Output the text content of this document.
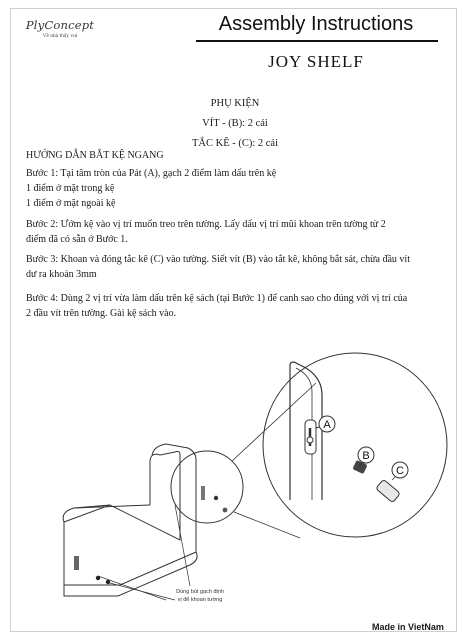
PlyConcept
Về nhà thấy vui
Assembly Instructions
JOY SHELF
PHỤ KIỆN
VÍT - (B): 2 cái
TẮC KÊ - (C): 2 cái
HƯỚNG DẪN BẮT KỆ NGANG
Bước 1: Tại tâm tròn của Pát (A), gạch 2 điểm làm dấu trên kệ
1 điểm ở mặt trong kệ
1 điểm ở mặt ngoài kệ
Bước 2: Ướm kệ vào vị trí muốn treo trên tường. Lấy dấu vị trí mũi khoan trên tường từ 2
điểm đã có sẵn ở Bước 1.
Bước 3: Khoan và đóng tắc kê (C) vào tường. Siết vít (B) vào tắt kê, không bắt sát, chừa đầu vít
dư ra khoản 3mm
Bước 4: Dùng 2 vị trí vừa làm dấu trên kệ sách (tại Bước 1) để canh sao cho đúng với vị trí của
2 đầu vít trên tường. Gài kệ sách vào.
A
B
C
Dùng bút gạch định
vị để khoan tường
Made in VietNam
